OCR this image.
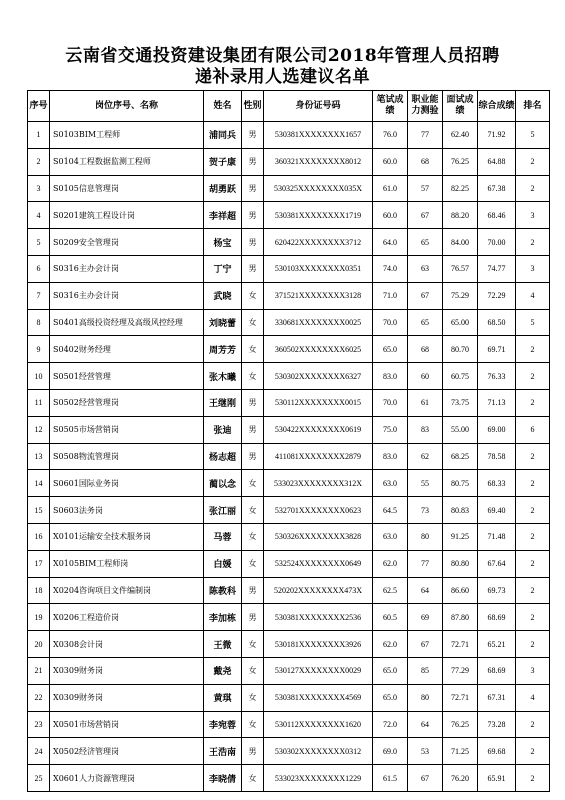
云南省交通投资建设集团有限公司2018年管理人员招聘
递补录用人选建议名单
序号	岗位序号、名称	姓名	性别	身份证号码	笔试成绩	职业能力测验	面试成绩	综合成绩	排名
1	S0103BIM工程师	浦同兵	男	530381XXXXXXXX1657	76.0	77	62.40	71.92	5
2	S0104工程数据监测工程师	贺子康	男	360321XXXXXXXX8012	60.0	68	76.25	64.88	2
3	S0105信息管理岗	胡勇跃	男	530325XXXXXXXX035X	61.0	57	82.25	67.38	2
4	S0201建筑工程设计岗	李祥超	男	530381XXXXXXXX1719	60.0	67	88.20	68.46	3
5	S0209安全管理岗	杨宝	男	620422XXXXXXXX3712	64.0	65	84.00	70.00	2
6	S0316主办会计岗	丁宁	男	530103XXXXXXXX0351	74.0	63	76.57	74.77	3
7	S0316主办会计岗	武晓	女	371521XXXXXXXX3128	71.0	67	75.29	72.29	4
8	S0401高级投资经理及高级风控经理	刘晓蕾	女	330681XXXXXXXX0025	70.0	65	65.00	68.50	5
9	S0402财务经理	周芳芳	女	360502XXXXXXXX6025	65.0	68	80.70	69.71	2
10	S0501经营管理	张木曦	女	530302XXXXXXXX6327	83.0	60	60.75	76.33	2
11	S0502经营管理岗	王继刚	男	530112XXXXXXXX0015	70.0	61	73.75	71.13	2
12	S0505市场营销岗	张迪	男	530422XXXXXXXX0619	75.0	83	55.00	69.00	6
13	S0508物流管理岗	杨志超	男	411081XXXXXXXX2879	83.0	62	68.25	78.58	2
14	S0601国际业务岗	蔺以念	女	533023XXXXXXXX312X	63.0	55	80.75	68.33	2
15	S0603法务岗	张江丽	女	532701XXXXXXXX0623	64.5	73	80.83	69.40	2
16	X0101运输安全技术服务岗	马蓉	女	530326XXXXXXXX3828	63.0	80	91.25	71.48	2
17	X0105BIM工程师岗	白媛	女	532524XXXXXXXX0649	62.0	77	80.80	67.64	2
18	X0204咨询项目文件编制岗	陈教科	男	520202XXXXXXXX473X	62.5	64	86.60	69.73	2
19	X0206工程造价岗	李加栋	男	530381XXXXXXXX2536	60.5	69	87.80	68.69	2
20	X0308会计岗	王微	女	530181XXXXXXXX3926	62.0	67	72.71	65.21	2
21	X0309财务岗	戴尧	女	530127XXXXXXXX0029	65.0	85	77.29	68.69	3
22	X0309财务岗	黄琪	女	530381XXXXXXXX4569	65.0	80	72.71	67.31	4
23	X0501市场营销岗	李宛蓉	女	530112XXXXXXXX1620	72.0	64	76.25	73.28	2
24	X0502经济管理岗	王浩南	男	530302XXXXXXXX0312	69.0	53	71.25	69.68	2
25	X0601人力资源管理岗	李晓倩	女	533023XXXXXXXX1229	61.5	67	76.20	65.91	2
